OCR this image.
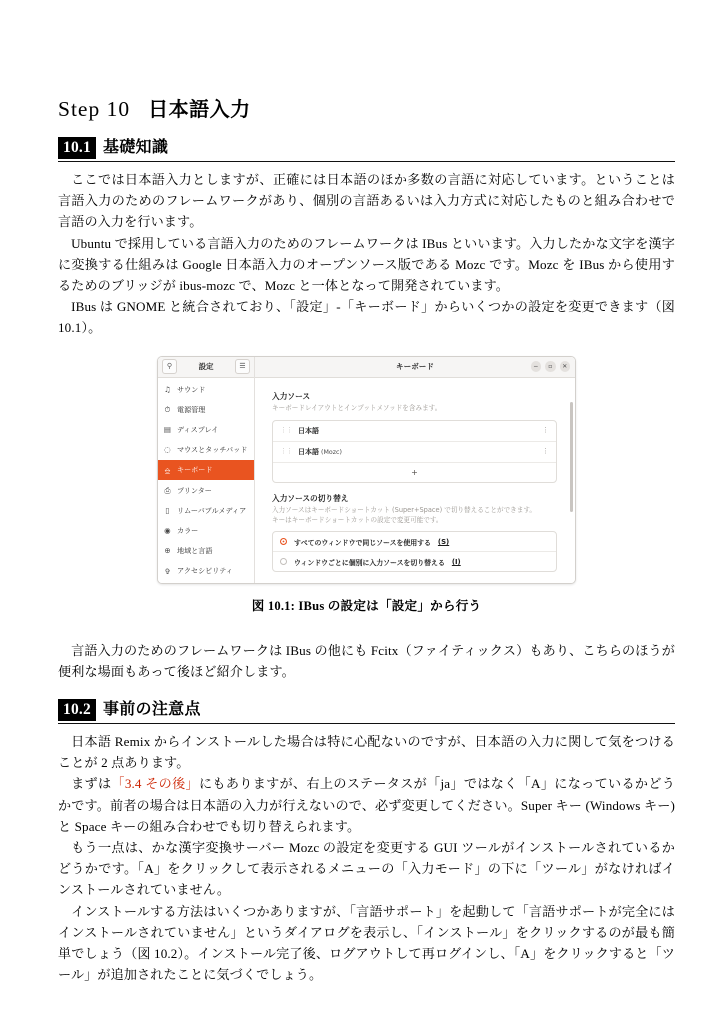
Step 10 日本語入力
10.1 基礎知識

ここでは日本語入力としますが、正確には日本語のほか多数の言語に対応しています。ということは言語入力のためのフレームワークがあり、個別の言語あるいは入力方式に対応したものと組み合わせで言語の入力を行います。

Ubuntu で採用している言語入力のためのフレームワークは IBus といいます。入力したかな文字を漢字に変換する仕組みは Google 日本語入力のオープンソース版である Mozc です。Mozc を IBus から使用するためのブリッジが ibus-mozc で、Mozc と一体となって開発されています。

IBus は GNOME と統合されており、「設定」-「キーボード」からいくつかの設定を変更できます（図 10.1）。

⚲	設定	☰
♫ サウンド
⏱ 電源管理
▤ ディスプレイ
◌ マウスとタッチパッド
⎒ キーボード
⎙ プリンター
▯	リムーバブルメディア
◉ カラー
⊕ 地域と言語
✞ アクセシビリティ
キーボード	−	▫	✕
入力ソース
キーボードレイアウトとインプットメソッドを含みます。
⋮⋮ 日本語	⋮
⋮⋮ 日本語 (Mozc)	⋮
+
入力ソースの切り替え
入力ソースはキーボードショートカット (Super+Space) で切り替えることができます。
キーはキーボードショートカットの設定で変更可能です。
すべてのウィンドウで同じソースを使用する (S)
ウィンドウごとに個別に入力ソースを切り替える (I)
図 10.1: IBus の設定は「設定」から行う

言語入力のためのフレームワークは IBus の他にも Fcitx（ファイティックス）もあり、こちらのほうが便利な場面もあって後ほど紹介します。

10.2 事前の注意点

日本語 Remix からインストールした場合は特に心配ないのですが、日本語の入力に関して気をつけることが 2 点あります。

まずは「3.4 その後」にもありますが、右上のステータスが「ja」ではなく「A」になっているかどうかです。前者の場合は日本語の入力が行えないので、必ず変更してください。Super キー (Windows キー) と Space キーの組み合わせでも切り替えられます。

もう一点は、かな漢字変換サーバー Mozc の設定を変更する GUI ツールがインストールされているかどうかです。「A」をクリックして表示されるメニューの「入力モード」の下に「ツール」がなければインストールされていません。

インストールする方法はいくつかありますが、「言語サポート」を起動して「言語サポートが完全にはインストールされていません」というダイアログを表示し、「インストール」をクリックするのが最も簡単でしょう（図 10.2）。インストール完了後、ログアウトして再ログインし、「A」をクリックすると「ツール」が追加されたことに気づくでしょう。
